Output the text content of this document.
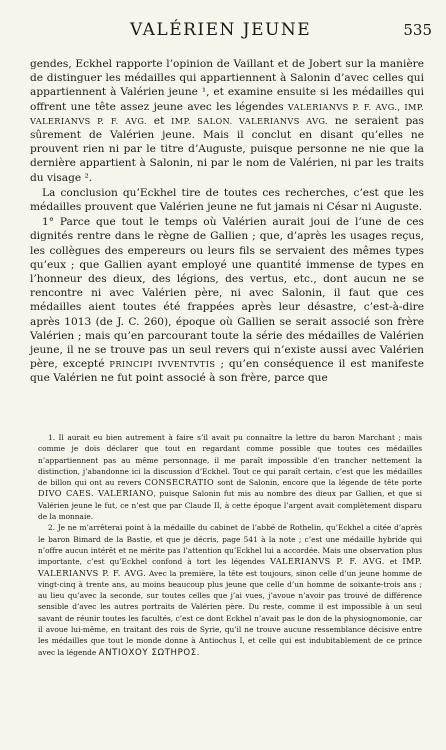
VALÉRIEN JEUNE	535

gendes, Eckhel rapporte l’opinion de Vaillant et de Jobert sur la manière de distinguer les médailles qui appartiennent à Salonin d’avec celles qui appartiennent à Valérien jeune ¹, et examine ensuite si les médailles qui offrent une tête assez jeune avec les légendes VALERIANVS P. F. AVG., IMP. VALERIANVS P. F. AVG. et IMP. SALON. VALERIANVS AVG. ne seraient pas sûrement de Valérien jeune. Mais il conclut en disant qu’elles ne prouvent rien ni par le titre d’Auguste, puisque personne ne nie que la dernière appartient à Salonin, ni par le nom de Valérien, ni par les traits du visage ².

La conclusion qu’Eckhel tire de toutes ces recherches, c’est que les médailles prouvent que Valérien jeune ne fut jamais ni César ni Auguste.

1° Parce que tout le temps où Valérien aurait joui de l’une de ces dignités rentre dans le règne de Gallien ; que, d’après les usages reçus, les collègues des empereurs ou leurs fils se servaient des mêmes types qu’eux ; que Gallien ayant employé une quantité immense de types en l’honneur des dieux, des légions, des vertus, etc., dont aucun ne se rencontre ni avec Valérien père, ni avec Salonin, il faut que ces médailles aient toutes été frappées après leur désastre, c’est-à-dire après 1013 (de J. C. 260), époque où Gallien se serait associé son frère Valérien ; mais qu’en parcourant toute la série des médailles de Valérien jeune, il ne se trouve pas un seul revers qui n’existe aussi avec Valérien père, excepté PRINCIPI IVVENTVTIS ; qu’en conséquence il est manifeste que Valérien ne fut point associé à son frère, parce que

1. Il aurait eu bien autrement à faire s’il avait pu connaître la lettre du baron Marchant ; mais comme je dois déclarer que tout en regardant comme possible que toutes ces médailles n’appartiennent pas au même personnage, il me paraît impossible d’en trancher nettement la distinction, j’abandonne ici la discussion d’Eckhel. Tout ce qui paraît certain, c’est que les médailles de billon qui ont au revers CONSECRATIO sont de Salonin, encore que la légende de tête porte DIVO CAES. VALERIANO, puisque Salonin fut mis au nombre des dieux par Gallien, et que si Valérien jeune le fut, ce n’est que par Claude II, à cette époque l’argent avait complètement disparu de la monnaie.

2. Je ne m’arrêterai point à la médaille du cabinet de l’abbé de Rothelin, qu’Eckhel a citée d’après le baron Bimard de la Bastie, et que je décris, page 541 à la note ; c’est une médaille hybride qui n’offre aucun intérêt et ne mérite pas l’attention qu’Eckhel lui a accordée. Mais une observation plus importante, c’est qu’Eckhel confond à tort les légendes VALERIANVS P. F. AVG. et IMP. VALERIANVS P. F. AVG. Avec la première, la tête est toujours, sinon celle d’un jeune homme de vingt-cinq à trente ans, au moins beaucoup plus jeune que celle d’un homme de soixante-trois ans ; au lieu qu’avec la seconde, sur toutes celles que j’ai vues, j’avoue n’avoir pas trouvé de différence sensible d’avec les autres portraits de Valérien père. Du reste, comme il est impossible à un seul savant de réunir toutes les facultés, c’est ce dont Eckhel n’avait pas le don de la physiognomonie, car il avoue lui-même, en traitant des rois de Syrie, qu’il ne trouve aucune ressemblance décisive entre les médailles que tout le monde donne à Antiochus I, et celle qui est indubitablement de ce prince avec la légende ΑΝΤΙΟΧΟΥ ΣΩΤΗΡΟΣ.
